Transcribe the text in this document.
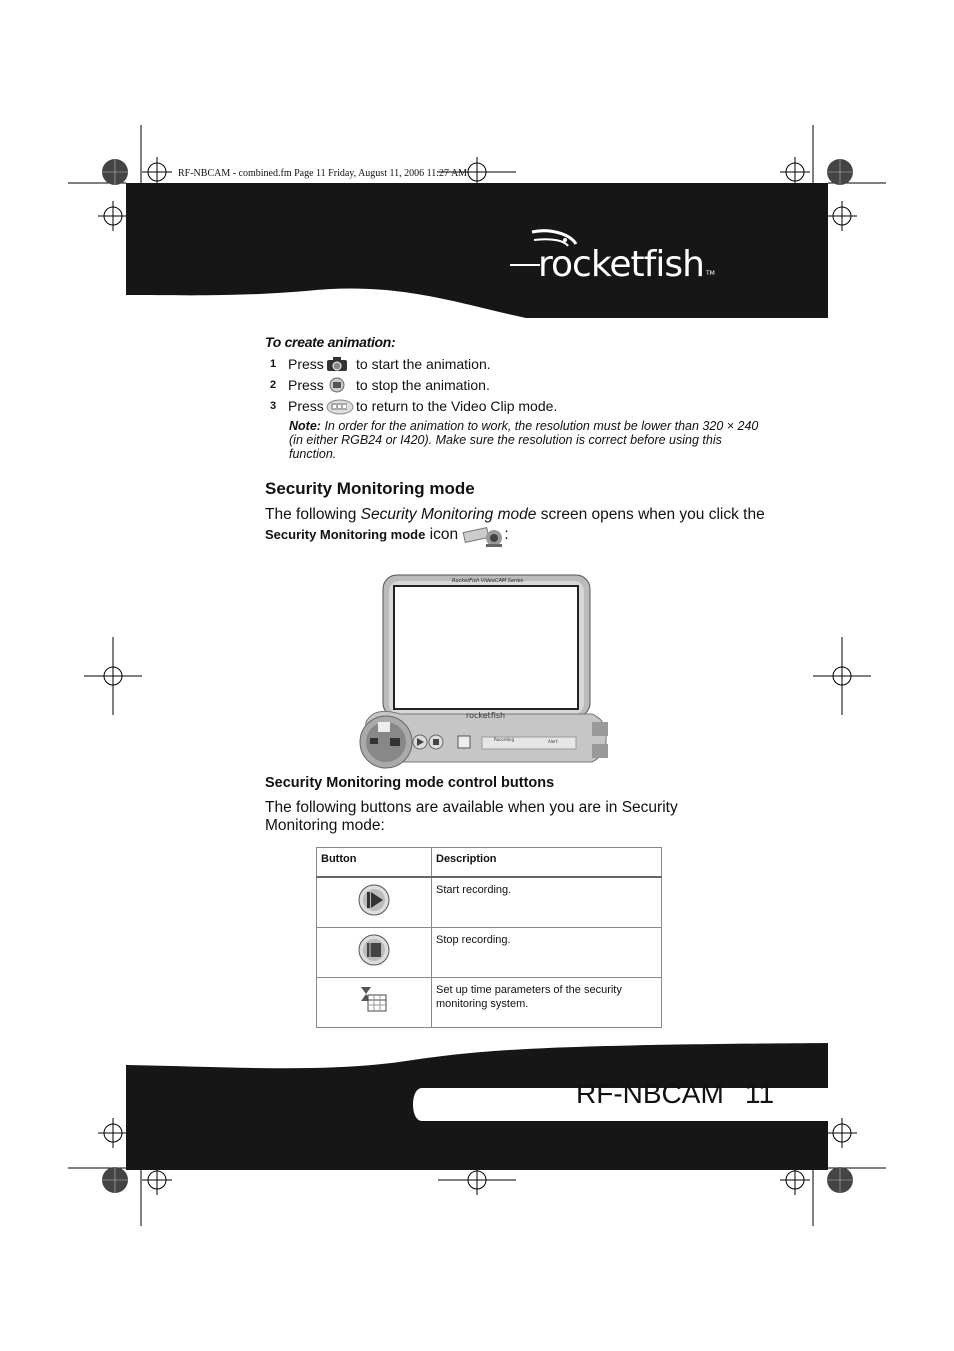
RF-NBCAM - combined.fm Page 11 Friday, August 11, 2006 11:27 AM
rocketfish TM
To create animation:
1 Press to start the animation.
2 Press to stop the animation.
3 Press to return to the Video Clip mode.
Note: In order for the animation to work, the resolution must be lower than 320 × 240 (in either RGB24 or I420). Make sure the resolution is correct before using this function.
Security Monitoring mode
The following Security Monitoring mode screen opens when you click the Security Monitoring mode icon	:
RocketFish VideoCAM Series
rocketfish
Recording	Alert
Security Monitoring mode control buttons
The following buttons are available when you are in Security Monitoring mode:
Button	Description
	Start recording.
	Stop recording.
	Set up time parameters of the security monitoring system.
RF-NBCAM 11
